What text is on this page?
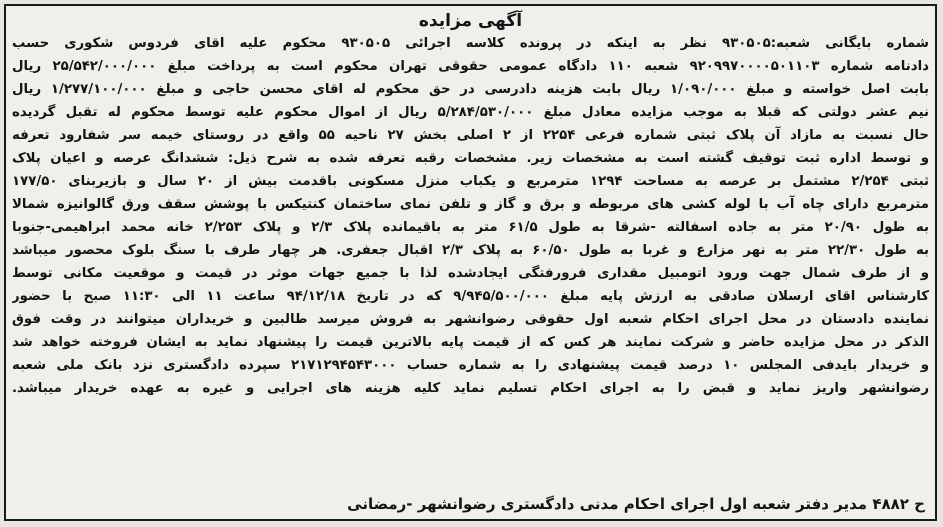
آگهی مزایده
شماره بایگانی شعبه:۹۳۰۵۰۵ نظر به اینکه در پرونده کلاسه اجرائی ۹۳۰۵۰۵ محکوم علیه اقای فردوس شکوری حسب
دادنامه شماره ۹۲۰۹۹۷۰۰۰۰۵۰۱۱۰۳ شعبه ۱۱۰ دادگاه عمومی حقوقی تهران محکوم است به پرداخت مبلغ ۲۵/۵۴۲/۰۰۰/۰۰۰ ریال
بابت اصل خواسته و مبلغ ۱/۰۹۰/۰۰۰ ریال بابت هزینه دادرسی در حق محکوم له اقای محسن حاجی و مبلغ ۱/۲۷۷/۱۰۰/۰۰۰ ریال
نیم عشر دولتی که قبلا به موجب مزایده معادل مبلغ ۵/۲۸۴/۵۳۰/۰۰۰ ریال از اموال محکوم علیه توسط محکوم له تقبل گردیده
حال نسبت به مازاد آن پلاک ثبتی شماره فرعی ۲۲۵۴ از ۲ اصلی بخش ۲۷ ناحیه ۵۵ واقع در روستای خیمه سر شفارود تعرفه
و توسط اداره ثبت توقیف گشته است به مشخصات زیر. مشخصات رقبه تعرفه شده به شرح ذیل: ششدانگ عرصه و اعیان پلاک
ثبتی ۲/۲۵۴ مشتمل بر عرصه به مساحت ۱۲۹۴ مترمربع و یکباب منزل مسکونی باقدمت بیش از ۲۰ سال و بازیربنای ۱۷۷/۵۰
مترمربع دارای چاه آب با لوله کشی های مربوطه و برق و گاز و تلفن نمای ساختمان کنتیکس با پوشش سقف ورق گالوانیزه شمالا
به طول ۲۰/۹۰ متر به جاده اسفالته -شرقا به طول ۶۱/۵ متر به باقیمانده پلاک ۲/۳ و پلاک ۲/۲۵۳ خانه محمد ابراهیمی-جنوبا
به طول ۲۲/۳۰ متر به نهر مزارع و غربا به طول ۶۰/۵۰ به پلاک ۲/۳ اقبال جعفری. هر چهار طرف با سنگ بلوک محصور میباشد
و از طرف شمال جهت ورود اتومبیل مقداری فرورفتگی ایجادشده لذا با جمیع جهات موثر در قیمت و موقعیت مکانی توسط
کارشناس اقای ارسلان صادقی به ارزش پایه مبلغ ۹/۹۴۵/۵۰۰/۰۰۰ که در تاریخ ۹۴/۱۲/۱۸ ساعت ۱۱ الی ۱۱:۳۰ صبح با حضور
نماینده دادستان در محل اجرای احکام شعبه اول حقوقی رضوانشهر به فروش میرسد طالبین و خریداران میتوانند در وقت فوق
الذکر در محل مزایده حاضر و شرکت نمایند هر کس که از قیمت پایه بالاترین قیمت را پیشنهاد نماید به ایشان فروخته خواهد شد
و خریدار بایدفی المجلس ۱۰ درصد قیمت پیشنهادی را به شماره حساب ۲۱۷۱۲۹۴۵۴۳۰۰۰ سپرده دادگستری نزد بانک ملی شعبه
رضوانشهر واریز نماید و قبض را به اجرای احکام تسلیم نماید کلیه هزینه های اجرایی و غیره به عهده خریدار میباشد.
ح ۴۸۸۲ مدیر دفتر شعبه اول اجرای احکام مدنی دادگستری رضوانشهر -رمضانی
